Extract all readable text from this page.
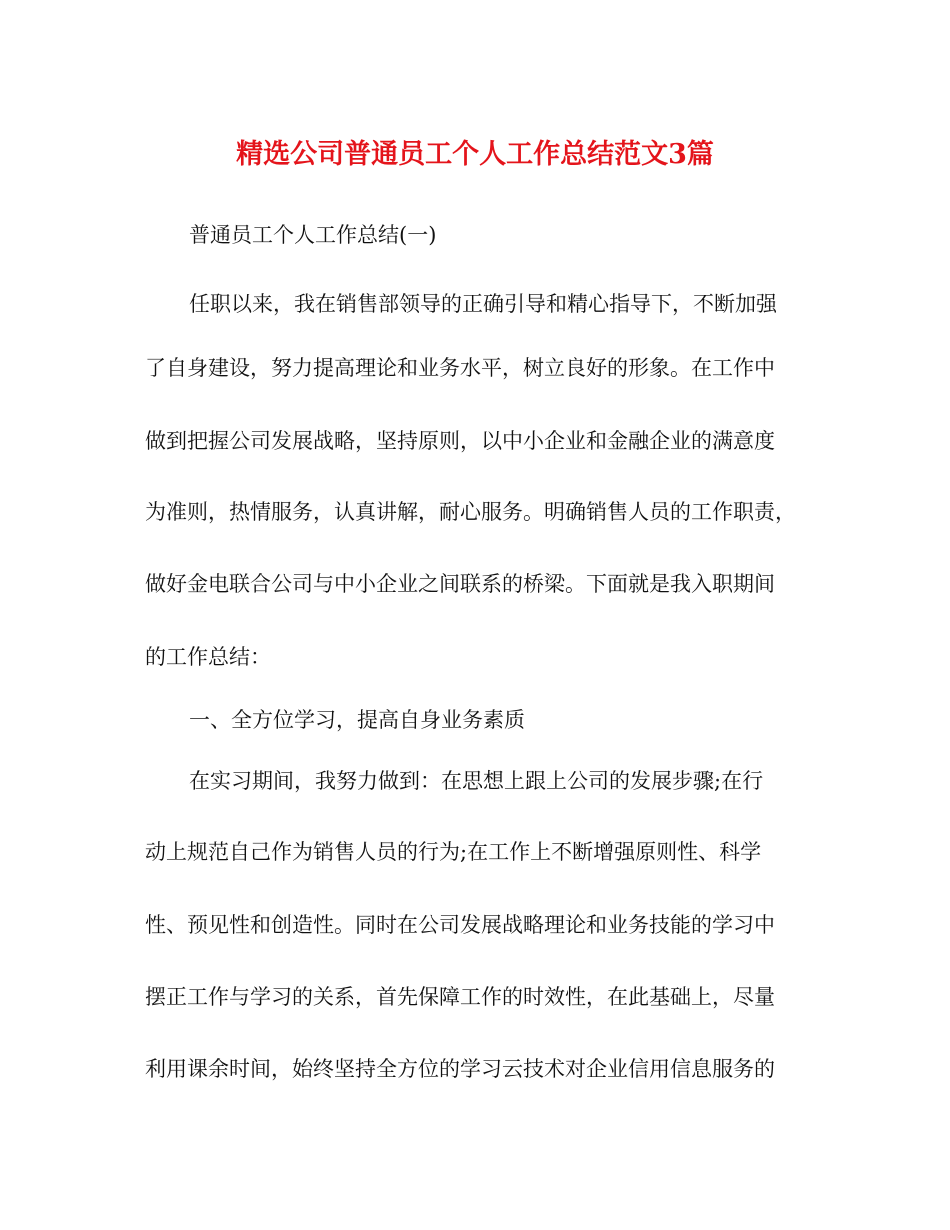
精选公司普通员工个人工作总结范文3篇
普通员工个人工作总结(一)
任职以来，我在销售部领导的正确引导和精心指导下，不断加强
了自身建设，努力提高理论和业务水平，树立良好的形象。在工作中
做到把握公司发展战略，坚持原则，以中小企业和金融企业的满意度
为准则，热情服务，认真讲解，耐心服务。明确销售人员的工作职责，
做好金电联合公司与中小企业之间联系的桥梁。下面就是我入职期间
的工作总结：
一、全方位学习，提高自身业务素质
在实习期间，我努力做到：在思想上跟上公司的发展步骤;在行
动上规范自己作为销售人员的行为;在工作上不断增强原则性、科学
性、预见性和创造性。同时在公司发展战略理论和业务技能的学习中
摆正工作与学习的关系，首先保障工作的时效性，在此基础上，尽量
利用课余时间，始终坚持全方位的学习云技术对企业信用信息服务的
